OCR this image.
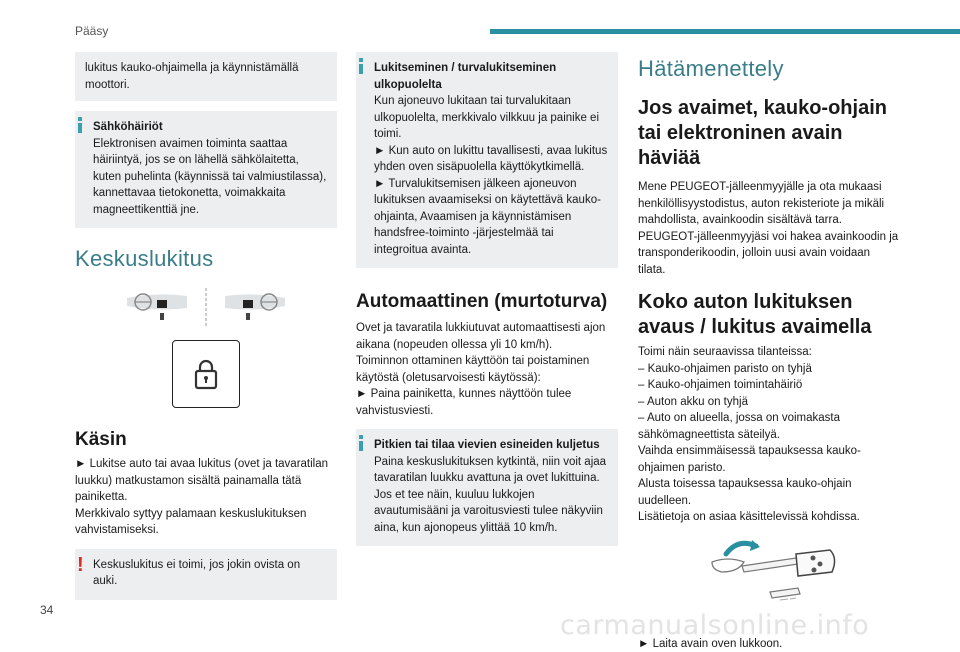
Pääsy

lukitus kauko-ohjaimella ja käynnistämällä moottori.

Sähköhäiriöt

Elektronisen avaimen toiminta saattaa häiriintyä, jos se on lähellä sähkölaitetta, kuten puhelinta (käynnissä tai valmiustilassa), kannettavaa tietokonetta, voimakkaita magneettikenttiä jne.

Keskuslukitus
Käsin

► Lukitse auto tai avaa lukitus (ovet ja tavaratilan luukku) matkustamon sisältä painamalla tätä painiketta.

Merkkivalo syttyy palamaan keskuslukituksen vahvistamiseksi.

! Keskuslukitus ei toimi, jos jokin ovista on auki.

Lukitseminen / turvalukitseminen ulkopuolelta

Kun ajoneuvo lukitaan tai turvalukitaan ulkopuolelta, merkkivalo vilkkuu ja painike ei toimi.

► Kun auto on lukittu tavallisesti, avaa lukitus yhden oven sisäpuolella käyttökytkimellä.

► Turvalukitsemisen jälkeen ajoneuvon lukituksen avaamiseksi on käytettävä kauko-ohjainta, Avaamisen ja käynnistämisen handsfree-toiminto -järjestelmää tai integroitua avainta.

Automaattinen (murtoturva)

Ovet ja tavaratila lukkiutuvat automaattisesti ajon aikana (nopeuden ollessa yli 10 km/h).

Toiminnon ottaminen käyttöön tai poistaminen käytöstä (oletusarvoisesti käytössä):

► Paina painiketta, kunnes näyttöön tulee vahvistusviesti.

Pitkien tai tilaa vievien esineiden kuljetus

Paina keskuslukituksen kytkintä, niin voit ajaa tavaratilan luukku avattuna ja ovet lukittuina. Jos et tee näin, kuuluu lukkojen avautumisääni ja varoitusviesti tulee näkyviin aina, kun ajonopeus ylittää 10 km/h.

Hätämenettely
Jos avaimet, kauko-ohjain tai elektroninen avain häviää

Mene PEUGEOT-jälleenmyyjälle ja ota mukaasi henkilöllisyystodistus, auton rekisteriote ja mikäli mahdollista, avainkoodin sisältävä tarra.

PEUGEOT-jälleenmyyjäsi voi hakea avainkoodin ja transponderikoodin, jolloin uusi avain voidaan tilata.

Koko auton lukituksen avaus / lukitus avaimella

Toimi näin seuraavissa tilanteissa:

– Kauko-ohjaimen paristo on tyhjä

– Kauko-ohjaimen toimintahäiriö

– Auton akku on tyhjä

– Auto on alueella, jossa on voimakasta sähkömagneettista säteilyä.

Vaihda ensimmäisessä tapauksessa kauko-ohjaimen paristo.

Alusta toisessa tapauksessa kauko-ohjain uudelleen.

Lisätietoja on asiaa käsittelevissä kohdissa.

► Laita avain oven lukkoon.

34	carmanualsonline.info
